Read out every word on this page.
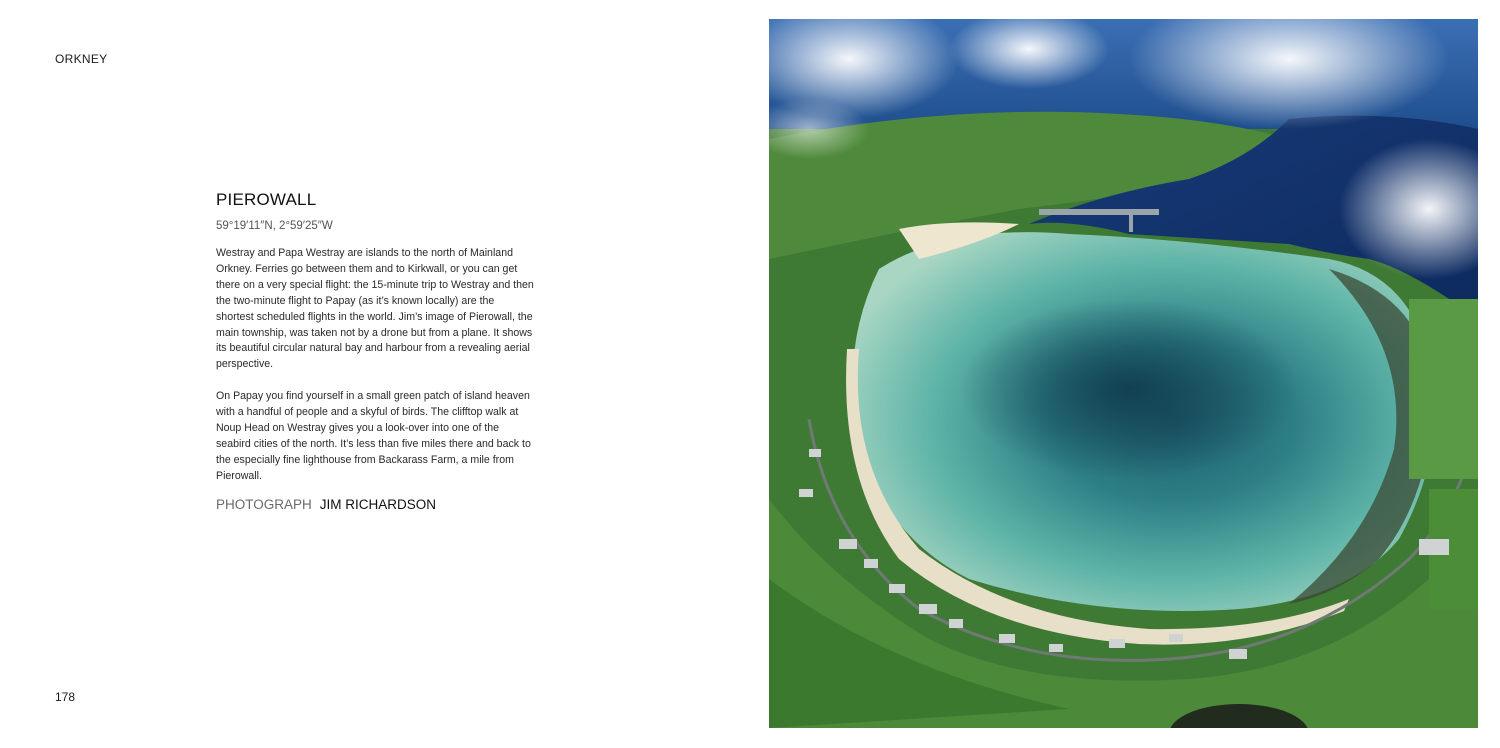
ORKNEY
PIEROWALL
59°19′11″N, 2°59′25″W

Westray and Papa Westray are islands to the north of Mainland Orkney. Ferries go between them and to Kirkwall, or you can get there on a very special flight: the 15-minute trip to Westray and then the two-minute flight to Papay (as it’s known locally) are the shortest scheduled flights in the world. Jim’s image of Pierowall, the main township, was taken not by a drone but from a plane. It shows its beautiful circular natural bay and harbour from a revealing aerial perspective.

On Papay you find yourself in a small green patch of island heaven with a handful of people and a skyful of birds. The clifftop walk at Noup Head on Westray gives you a look-over into one of the seabird cities of the north. It’s less than five miles there and back to the especially fine lighthouse from Backarass Farm, a mile from Pierowall.

PHOTOGRAPH JIM RICHARDSON
178
